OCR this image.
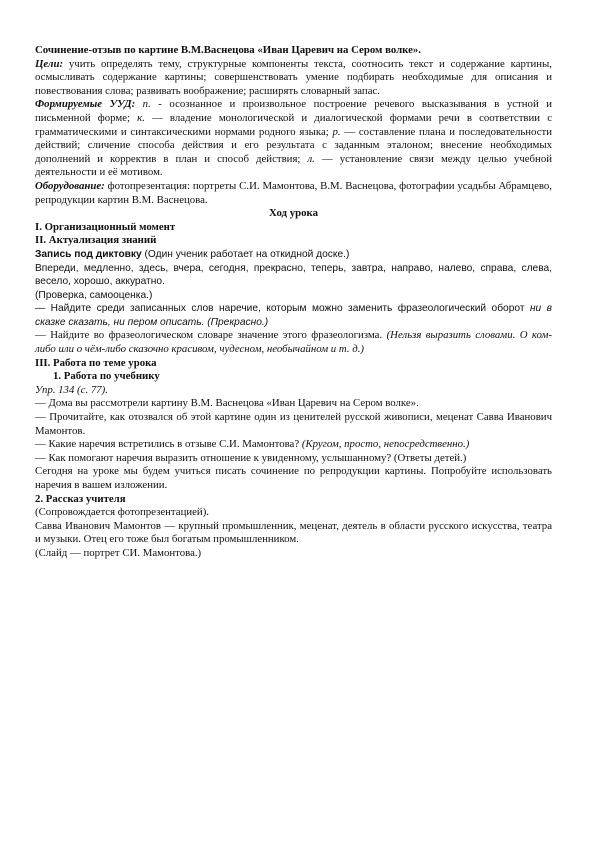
Сочинение-отзыв по картине В.М.Васнецова «Иван Царевич на Сером волке».

Цели: учить определять тему, структурные компоненты текста, соотносить текст и содержание картины, осмысливать содержание картины; совершенствовать умение подбирать необходимые для описания и повествования слова; развивать воображение; расширять словарный запас.

Формируемые УУД: п. - осознанное и произвольное построение речевого высказывания в устной и письменной форме; к. — владение монологической и диалогической формами речи в соответствии с грамматическими и синтаксическими нормами родного языка; р. — составление плана и последовательности действий; сличение способа действия и его результата с заданным эталоном; внесение необходимых дополнений и корректив в план и способ действия; л. — установление связи между целью учебной деятельности и её мотивом.

Оборудование: фотопрезентация: портреты С.И. Мамонтова, В.М. Васнецова, фотографии усадьбы Абрамцево, репродукции картин В.М. Васнецова.

Ход урока

I. Организационный момент

II. Актуализация знаний

Запись под диктовку (Один ученик работает на откидной доске.)

Впереди, медленно, здесь, вчера, сегодня, прекрасно, теперь, завтра, направо, налево, справа, слева, весело, хорошо, аккуратно.

(Проверка, самооценка.)

— Найдите среди записанных слов наречие, которым можно заменить фразеологический оборот ни в сказке сказать, ни пером описать. (Прекрасно.)

— Найдите во фразеологическом словаре значение этого фразеологизма. (Нельзя выразить словами. О ком-либо или о чём-либо сказочно красивом, чудесном, необычайном и т. д.)

III. Работа по теме урока

1. Работа по учебнику

Упр. 134 (с. 77).

— Дома вы рассмотрели картину В.М. Васнецова «Иван Царевич на Сером волке».

— Прочитайте, как отозвался об этой картине один из ценителей русской живописи, меценат Савва Иванович Мамонтов.

— Какие наречия встретились в отзыве С.И. Мамонтова? (Кругом, просто, непосредственно.)

— Как помогают наречия выразить отношение к увиденному, услышанному? (Ответы детей.)

Сегодня на уроке мы будем учиться писать сочинение по репродукции картины. Попробуйте использовать наречия в вашем изложении.

2. Рассказ учителя

(Сопровождается фотопрезентацией).

Савва Иванович Мамонтов — крупный промышленник, меценат, деятель в области русского искусства, театра и музыки. Отец его тоже был богатым промышленником.

(Слайд — портрет СИ. Мамонтова.)
